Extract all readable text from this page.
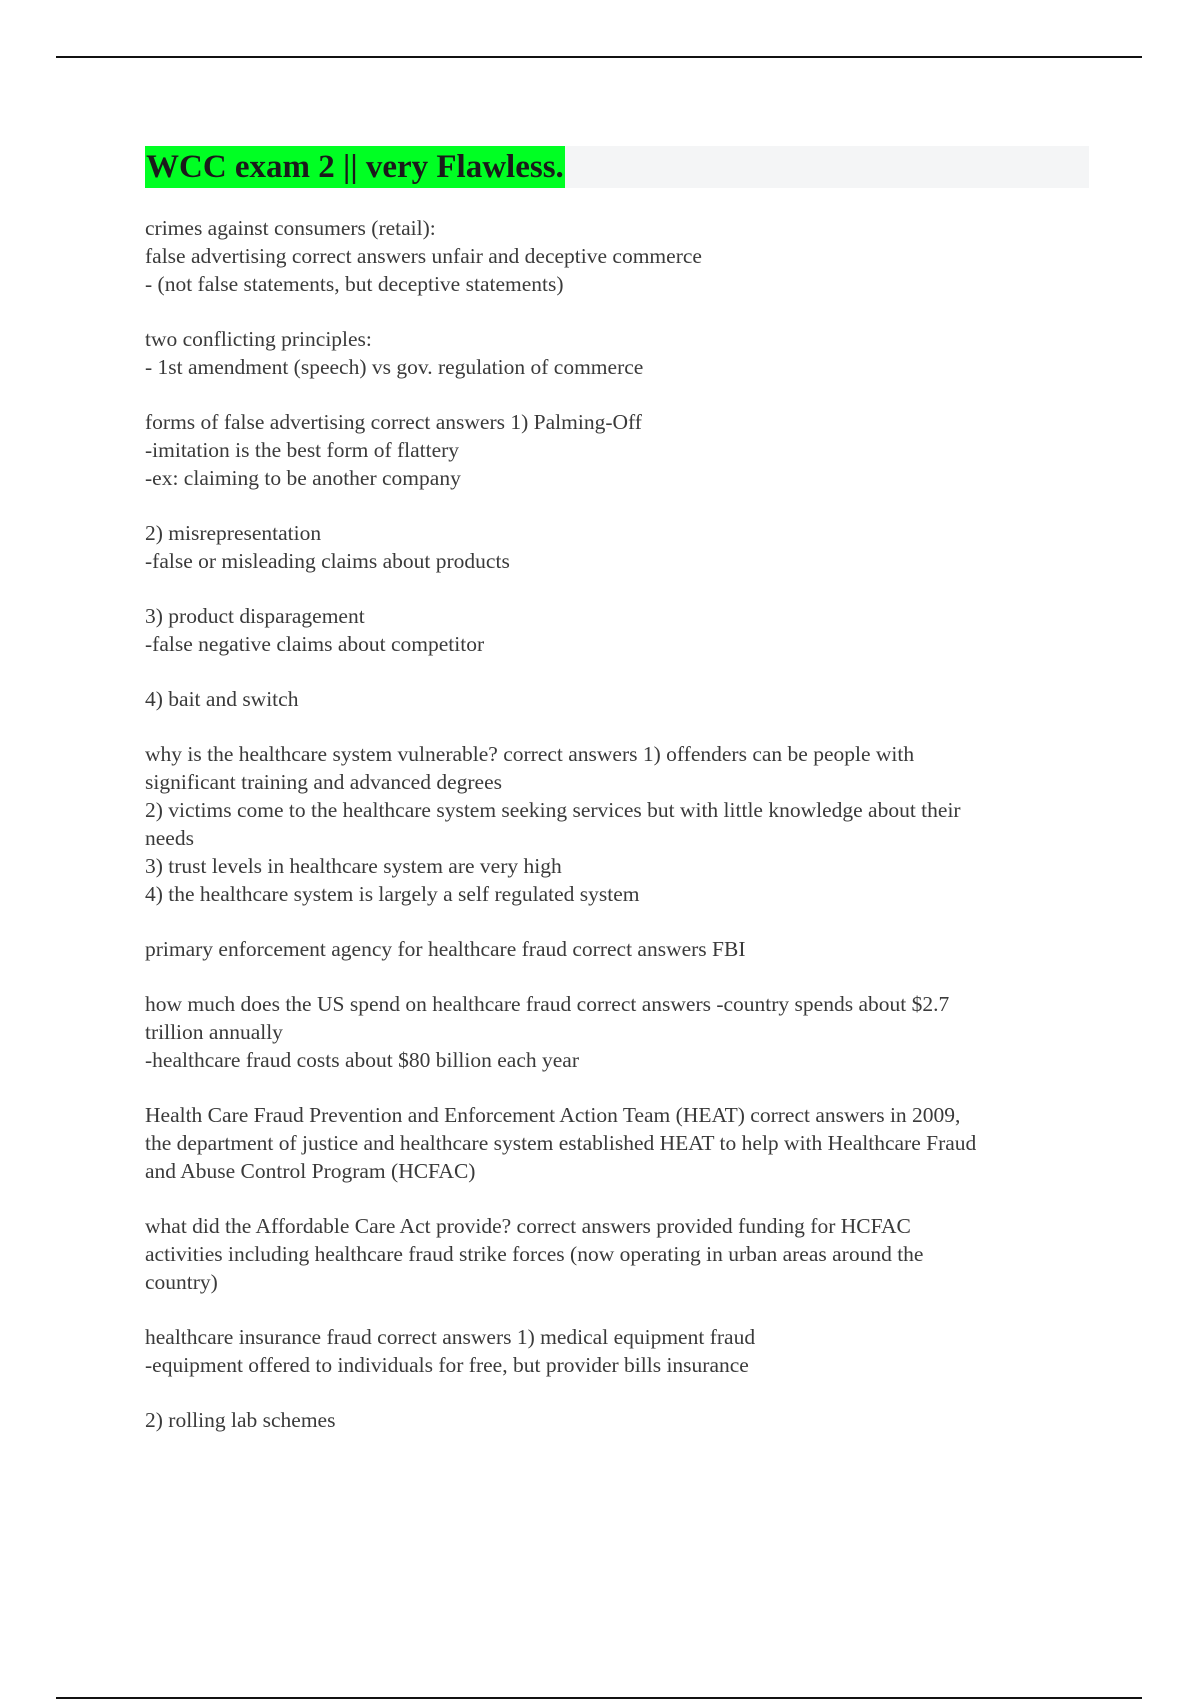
WCC exam 2 || very Flawless.
crimes against consumers (retail):
false advertising correct answers unfair and deceptive commerce
- (not false statements, but deceptive statements)
two conflicting principles:
- 1st amendment (speech) vs gov. regulation of commerce
forms of false advertising correct answers 1) Palming-Off
-imitation is the best form of flattery
-ex: claiming to be another company
2) misrepresentation
-false or misleading claims about products
3) product disparagement
-false negative claims about competitor
4) bait and switch
why is the healthcare system vulnerable? correct answers 1) offenders can be people with
significant training and advanced degrees
2) victims come to the healthcare system seeking services but with little knowledge about their
needs
3) trust levels in healthcare system are very high
4) the healthcare system is largely a self regulated system
primary enforcement agency for healthcare fraud correct answers FBI
how much does the US spend on healthcare fraud correct answers -country spends about $2.7
trillion annually
-healthcare fraud costs about $80 billion each year
Health Care Fraud Prevention and Enforcement Action Team (HEAT) correct answers in 2009,
the department of justice and healthcare system established HEAT to help with Healthcare Fraud
and Abuse Control Program (HCFAC)
what did the Affordable Care Act provide? correct answers provided funding for HCFAC
activities including healthcare fraud strike forces (now operating in urban areas around the
country)
healthcare insurance fraud correct answers 1) medical equipment fraud
-equipment offered to individuals for free, but provider bills insurance
2) rolling lab schemes
